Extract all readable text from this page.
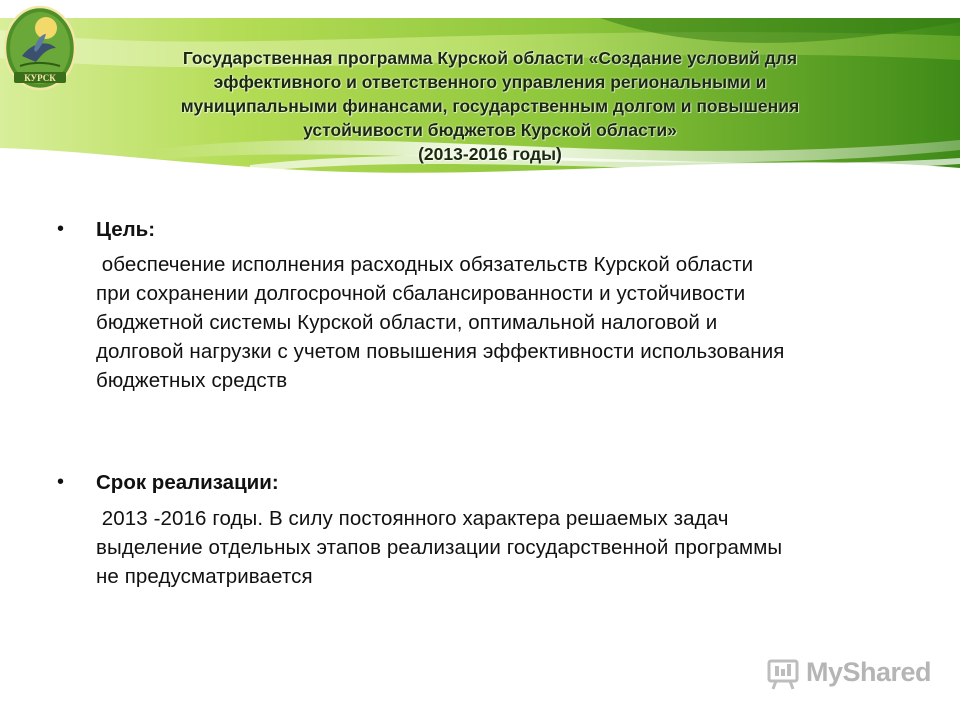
КУРСК
Государственная программа Курской области «Создание условий для
эффективного и ответственного управления региональными и
муниципальными финансами, государственным долгом и повышения
устойчивости бюджетов Курской области»
(2013-2016 годы)
• Цель:
обеспечение исполнения расходных обязательств Курской области
при сохранении долгосрочной сбалансированности и устойчивости
бюджетной системы Курской области, оптимальной налоговой и
долговой нагрузки с учетом повышения эффективности использования
бюджетных средств
• Срок реализации:
2013 -2016 годы. В силу постоянного характера решаемых задач
выделение отдельных этапов реализации государственной программы
не предусматривается
MyShared
